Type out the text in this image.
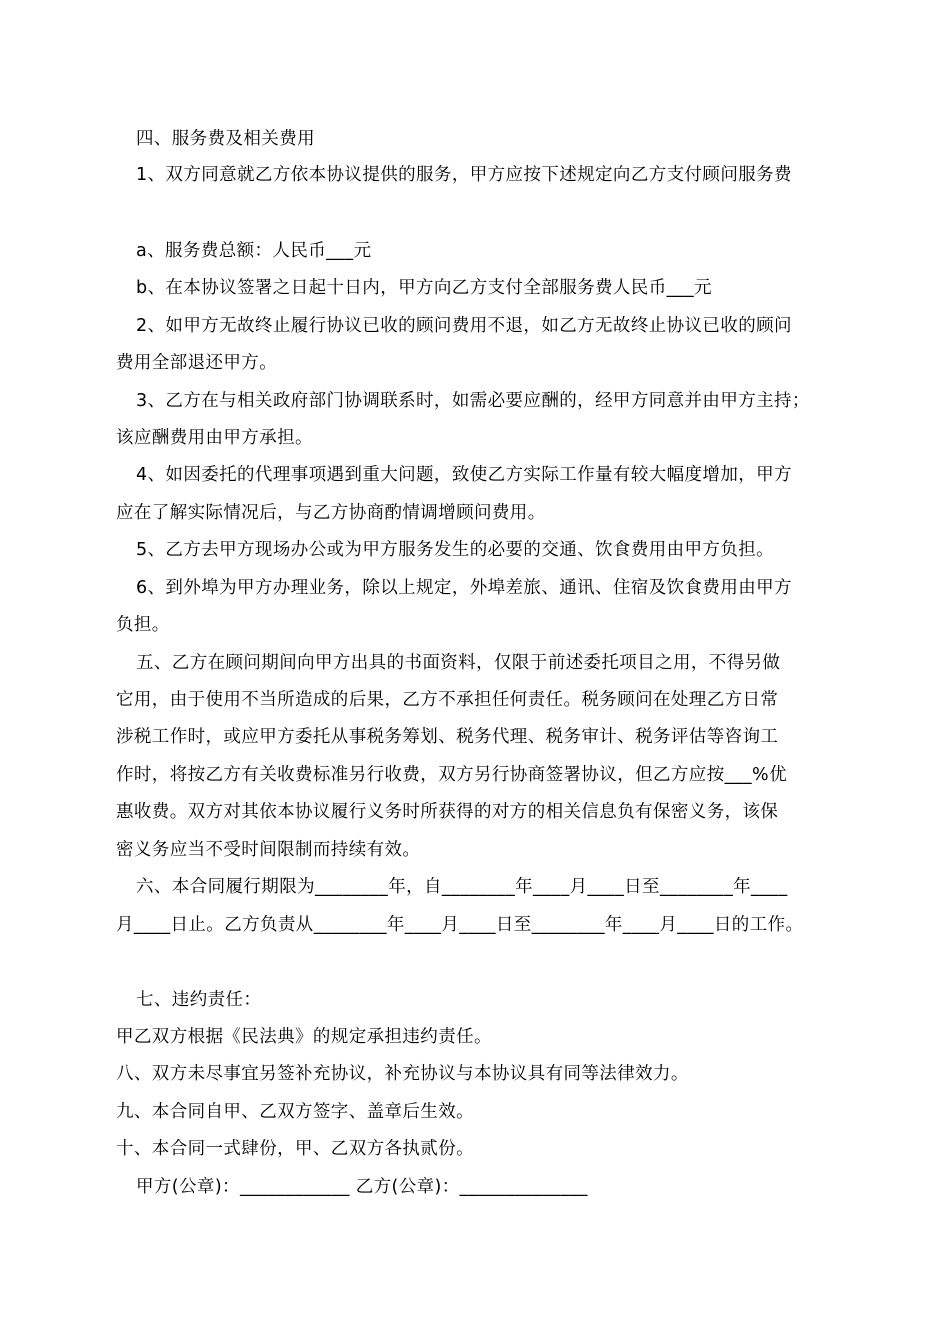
四、服务费及相关费用
1、双方同意就乙方依本协议提供的服务，甲方应按下述规定向乙方支付顾问服务费
a、服务费总额：人民币___元
b、在本协议签署之日起十日内，甲方向乙方支付全部服务费人民币___元
2、如甲方无故终止履行协议已收的顾问费用不退，如乙方无故终止协议已收的顾问
费用全部退还甲方。
3、乙方在与相关政府部门协调联系时，如需必要应酬的，经甲方同意并由甲方主持；
该应酬费用由甲方承担。
4、如因委托的代理事项遇到重大问题，致使乙方实际工作量有较大幅度增加，甲方
应在了解实际情况后，与乙方协商酌情调增顾问费用。
5、乙方去甲方现场办公或为甲方服务发生的必要的交通、饮食费用由甲方负担。
6、到外埠为甲方办理业务，除以上规定，外埠差旅、通讯、住宿及饮食费用由甲方
负担。
五、乙方在顾问期间向甲方出具的书面资料，仅限于前述委托项目之用，不得另做
它用，由于使用不当所造成的后果，乙方不承担任何责任。税务顾问在处理乙方日常
涉税工作时，或应甲方委托从事税务筹划、税务代理、税务审计、税务评估等咨询工
作时，将按乙方有关收费标准另行收费，双方另行协商签署协议，但乙方应按___%优
惠收费。双方对其依本协议履行义务时所获得的对方的相关信息负有保密义务，该保
密义务应当不受时间限制而持续有效。
六、本合同履行期限为________年，自________年____月____日至________年____
月____日止。乙方负责从________年____月____日至________年____月____日的工作。
七、违约责任：
甲乙双方根据《民法典》的规定承担违约责任。
八、双方未尽事宜另签补充协议，补充协议与本协议具有同等法律效力。
九、本合同自甲、乙双方签字、盖章后生效。
十、本合同一式肆份，甲、乙双方各执贰份。
甲方(公章)：____________ 乙方(公章)：______________
